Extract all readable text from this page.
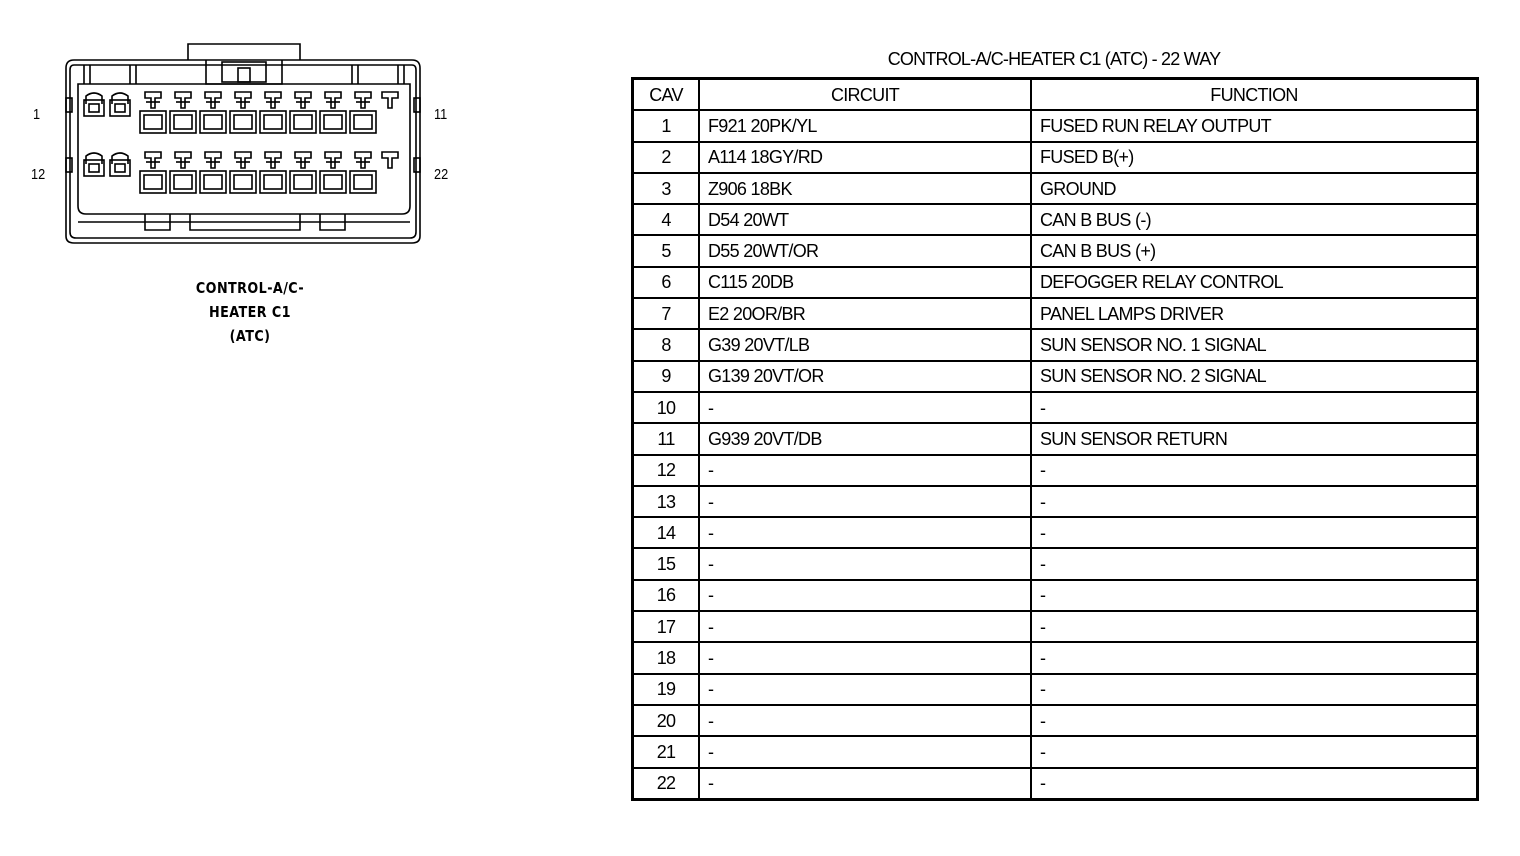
1	11
12	22
CONTROL-A/C-
HEATER C1
(ATC)
CONTROL-A/C-HEATER C1 (ATC) - 22 WAY
CAV	CIRCUIT	FUNCTION
1	F921 20PK/YL	FUSED RUN RELAY OUTPUT
2	A114 18GY/RD	FUSED B(+)
3	Z906 18BK	GROUND
4	D54 20WT	CAN B BUS (-)
5	D55 20WT/OR	CAN B BUS (+)
6	C115 20DB	DEFOGGER RELAY CONTROL
7	E2 20OR/BR	PANEL LAMPS DRIVER
8	G39 20VT/LB	SUN SENSOR NO. 1 SIGNAL
9	G139 20VT/OR	SUN SENSOR NO. 2 SIGNAL
10	-	-
11	G939 20VT/DB	SUN SENSOR RETURN
12	-	-
13	-	-
14	-	-
15	-	-
16	-	-
17	-	-
18	-	-
19	-	-
20	-	-
21	-	-
22	-	-
